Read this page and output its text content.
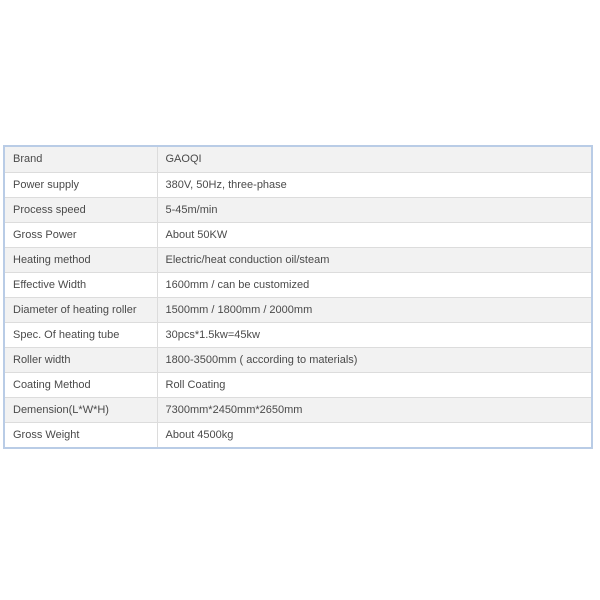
Brand	GAOQI
Power supply	380V, 50Hz, three-phase
Process speed	5-45m/min
Gross Power	About 50KW
Heating method	Electric/heat conduction oil/steam
Effective Width	1600mm / can be customized
Diameter of heating roller	1500mm / 1800mm / 2000mm
Spec. Of heating tube	30pcs*1.5kw=45kw
Roller width	1800-3500mm ( according to materials)
Coating Method	Roll Coating
Demension(L*W*H)	7300mm*2450mm*2650mm
Gross Weight	About 4500kg
